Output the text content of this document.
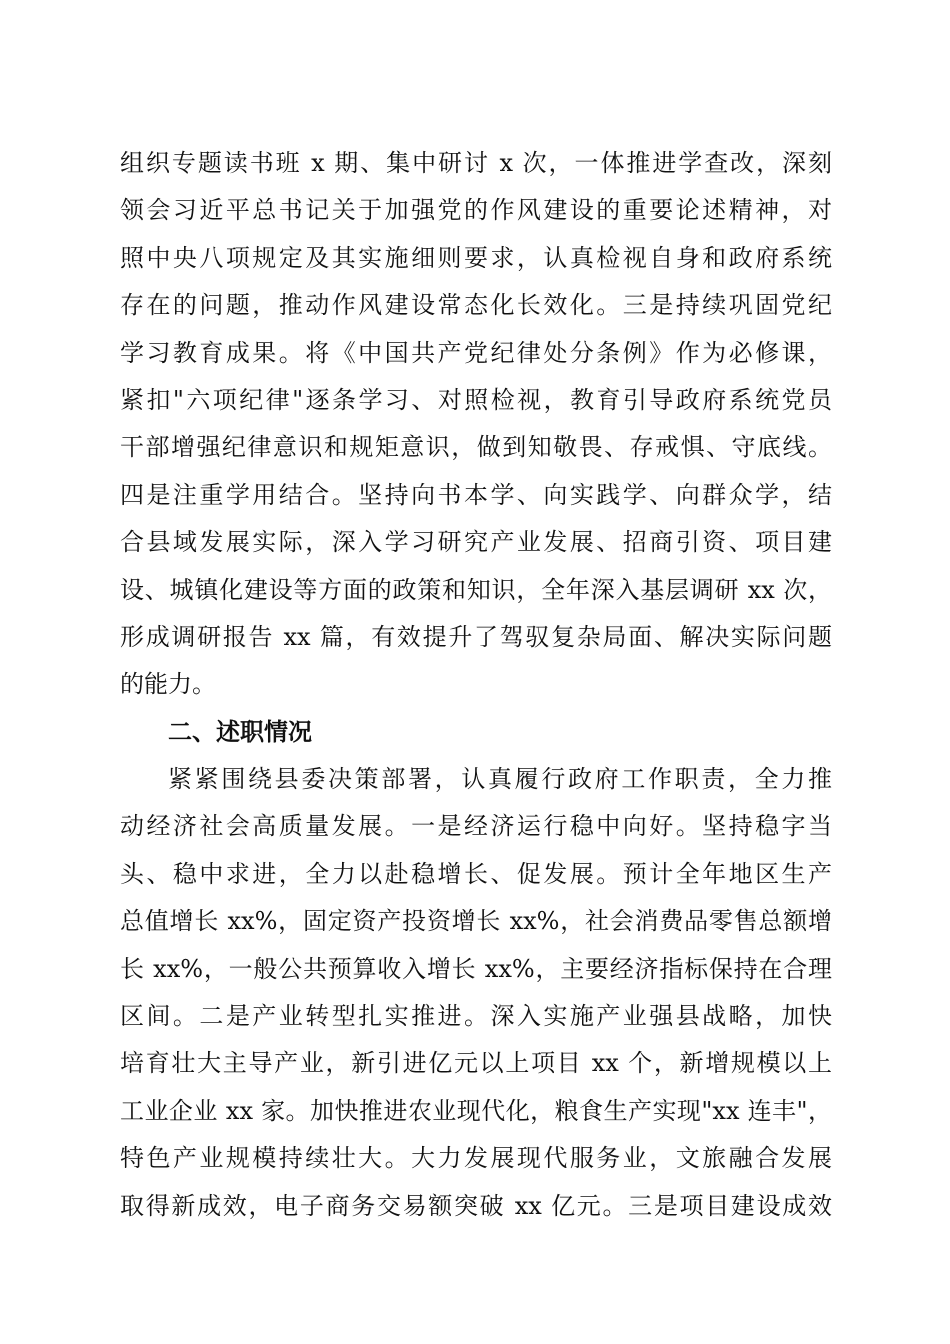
组织专题读书班 x 期、集中研讨 x 次，一体推进学查改，深刻
领会习近平总书记关于加强党的作风建设的重要论述精神，对
照中央八项规定及其实施细则要求，认真检视自身和政府系统
存在的问题，推动作风建设常态化长效化。三是持续巩固党纪
学习教育成果。将《中国共产党纪律处分条例》作为必修课，
紧扣"六项纪律"逐条学习、对照检视，教育引导政府系统党员
干部增强纪律意识和规矩意识，做到知敬畏、存戒惧、守底线。
四是注重学用结合。坚持向书本学、向实践学、向群众学，结
合县域发展实际，深入学习研究产业发展、招商引资、项目建
设、城镇化建设等方面的政策和知识，全年深入基层调研 xx 次，
形成调研报告 xx 篇，有效提升了驾驭复杂局面、解决实际问题
的能力。
二、述职情况
紧紧围绕县委决策部署，认真履行政府工作职责，全力推
动经济社会高质量发展。一是经济运行稳中向好。坚持稳字当
头、稳中求进，全力以赴稳增长、促发展。预计全年地区生产
总值增长 xx%，固定资产投资增长 xx%，社会消费品零售总额增
长 xx%，一般公共预算收入增长 xx%，主要经济指标保持在合理
区间。二是产业转型扎实推进。深入实施产业强县战略，加快
培育壮大主导产业，新引进亿元以上项目 xx 个，新增规模以上
工业企业 xx 家。加快推进农业现代化，粮食生产实现"xx 连丰"，
特色产业规模持续壮大。大力发展现代服务业，文旅融合发展
取得新成效，电子商务交易额突破 xx 亿元。三是项目建设成效
